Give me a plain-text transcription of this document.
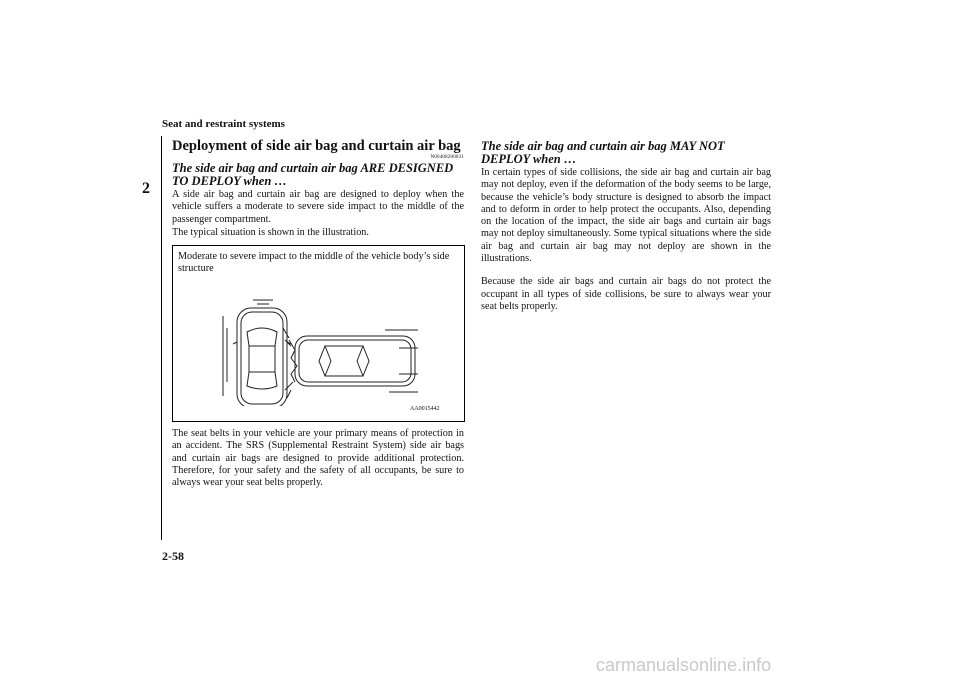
Seat and restraint systems
2
Deployment of side air bag and curtain air bag
N00408200031
The side air bag and curtain air bag ARE DESIGNED TO DEPLOY when …
A side air bag and curtain air bag are designed to deploy when the vehicle suffers a moderate to severe side impact to the middle of the passenger compartment.
The typical situation is shown in the illustration.
Moderate to severe impact to the middle of the vehicle body’s side structure
AA0015442
The seat belts in your vehicle are your primary means of protection in an accident. The SRS (Supplemental Restraint System) side air bags and curtain air bags are designed to provide additional protection. Therefore, for your safety and the safety of all occupants, be sure to always wear your seat belts properly.
The side air bag and curtain air bag MAY NOT DEPLOY when …
In certain types of side collisions, the side air bag and curtain air bag may not deploy, even if the deformation of the body seems to be large, because the vehicle’s body structure is designed to absorb the impact and to deform in order to help protect the occupants. Also, depending on the location of the impact, the side air bags and curtain air bags may not deploy simultaneously. Some typical situations where the side air bag and curtain air bag may not deploy are shown in the illustrations.
Because the side air bags and curtain air bags do not protect the occupant in all types of side collisions, be sure to always wear your seat belts properly.
2-58
carmanualsonline.info
